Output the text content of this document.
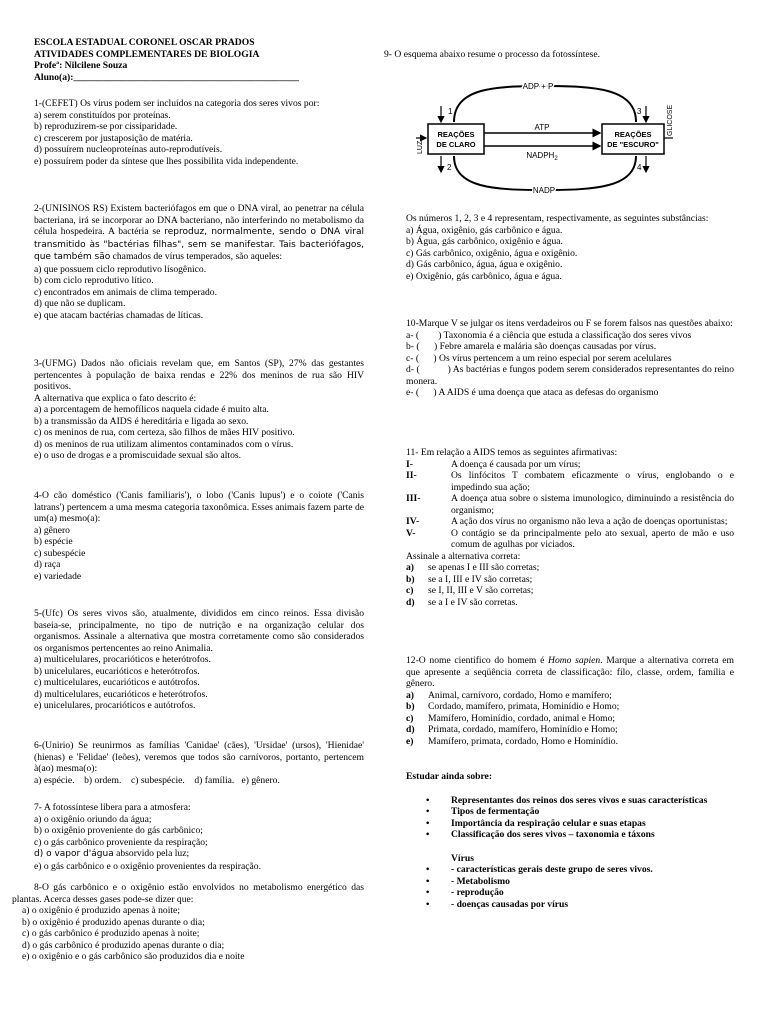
ESCOLA ESTADUAL CORONEL OSCAR PRADOS

ATIVIDADES COMPLEMENTARES DE BIOLOGIA

Profeª: Nilcilene Souza

Aluno(a):_______________________________________________

1-(CEFET) Os vírus podem ser incluídos na categoria dos seres vivos por:

a) serem constituídos por proteínas.

b) reproduzirem-se por cissiparidade.

c) crescerem por justaposição de matéria.

d) possuírem nucleoproteínas auto-reprodutíveis.

e) possuírem poder da síntese que lhes possibilita vida independente.

2-(UNISINOS RS) Existem bacteriófagos em que o DNA viral, ao penetrar na célula bacteriana, irá se incorporar ao DNA bacteriano, não interferindo no metabolismo da célula hospedeira. A bactéria se reproduz, normalmente, sendo o DNA viral transmitido às "bactérias filhas", sem se manifestar. Tais bacteriófagos, que também são chamados de vírus temperados, são aqueles:

a) que possuem ciclo reprodutivo lisogênico.

b) com ciclo reprodutivo lítico.

c) encontrados em animais de clima temperado.

d) que não se duplicam.

e) que atacam bactérias chamadas de líticas.

3-(UFMG) Dados não oficiais revelam que, em Santos (SP), 27% das gestantes pertencentes à população de baixa rendas e 22% dos meninos de rua são HIV positivos.

A alternativa que explica o fato descrito é:

a) a porcentagem de hemofílicos naquela cidade é muito alta.

b) a transmissão da AIDS é hereditária e ligada ao sexo.

c) os meninos de rua, com certeza, são filhos de mães HIV positivo.

d) os meninos de rua utilizam alimentos contaminados com o vírus.

e) o uso de drogas e a promiscuidade sexual são altos.

4-O cão doméstico ('Canis familiaris'), o lobo ('Canis lupus') e o coiote ('Canis latrans') pertencem a uma mesma categoria taxonômica. Esses animais fazem parte de um(a) mesmo(a):

a) gênero

b) espécie

c) subespécie

d) raça

e) variedade

5-(Ufc) Os seres vivos são, atualmente, divididos em cinco reinos. Essa divisão baseia-se, principalmente, no tipo de nutrição e na organização celular dos organismos. Assinale a alternativa que mostra corretamente como são considerados os organismos pertencentes ao reino Animalia.

a) multicelulares, procarióticos e heterótrofos.

b) unicelulares, eucarióticos e heterótrofos.

c) multicelulares, eucarióticos e autótrofos.

d) multicelulares, eucarióticos e heterótrofos.

e) unicelulares, procarióticos e autótrofos.

6-(Unirio) Se reunirmos as famílias 'Canidae' (cães), 'Ursidae' (ursos), 'Hienidae' (hienas) e 'Felidae' (leões), veremos que todos são carnívoros, portanto, pertencem à(ao) mesma(o):

a) espécie.    b) ordem.    c) subespécie.    d) família.   e) gênero.

7- A fotossíntese libera para a atmosfera:

a) o oxigênio oriundo da água;

b) o oxigênio proveniente do gás carbônico;

c) o gás carbônico proveniente da respiração;

d) o vapor d'água absorvido pela luz;

e) o gás carbônico e o oxigênio provenientes da respiração.

8-O gás carbônico e o oxigênio estão envolvidos no metabolismo energético das plantas. Acerca desses gases pode-se dizer que:

a) o oxigênio é produzido apenas à noite;

b) o oxigênio é produzido apenas durante o dia;

c) o gás carbônico é produzido apenas à noite;

d) o gás carbônico é produzido apenas durante o dia;

e) o oxigênio e o gás carbônico são produzidos dia e noite

9- O esquema abaixo resume o processo da fotossíntese.

ADP + P
NADP
LUZ
GLICOSE
REAÇÕES
DE CLARO
REAÇÕES
DE "ESCURO"
ATP
$NADPH_2$
1
2
3
4

Os números 1, 2, 3 e 4 representam, respectivamente, as seguintes substâncias:

a) Água, oxigênio, gás carbônico e água.

b) Água, gás carbônico, oxigênio e água.

c) Gás carbônico, oxigênio, água e oxigênio.

d) Gás carbônico, água, água e oxigênio.

e) Oxigênio, gás carbônico, água e água.

10-Marque V se julgar os itens verdadeiros ou F se forem falsos nas questões abaixo:

a- (        ) Taxonomia é a ciência que estuda a classificação dos seres vivos

b- (      ) Febre amarela e malária são doenças causadas por vírus.

c- (      ) Os vírus pertencem a um reino especial por serem acelulares

d- (           ) As bactérias e fungos podem serem considerados representantes do reino monera.

e- (      ) A AIDS é uma doença que ataca as defesas do organismo

11- Em relação a AIDS temos as seguintes afirmativas:

I-	A doença é causada por um vírus;
II-	Os linfócitos T combatem eficazmente o vírus, englobando o e impedindo sua ação;
III-	A doença atua sobre o sistema imunologico, diminuindo a resistência do organismo;
IV-	A ação dos vírus no organismo não leva a ação de doenças oportunistas;
V-	O contágio se da principalmente pelo ato sexual, aperto de mão e uso comum de agulhas por viciados.

Assinale a alternativa correta:

a)	se apenas I e III são corretas;
b)	se a I, III e IV são corretas;
c)	se I, II, III e V são corretas;
d)	se a I e IV são corretas.

12-O nome cientifico do homem é Homo sapien. Marque a alternativa correta em que apresente a seqüência correta de classificação: filo, classe, ordem, família e gênero.

a)	Animal, carnívoro, cordado, Homo e mamífero;
b)	Cordado, mamífero, primata, Hominídio e Homo;
c)	Mamífero, Hominídio, cordado, animal e Homo;
d)	Primata, cordado, mamífero, Hominídio e Homo;
e)	Mamífero, primata, cordado, Homo e Hominídio.

Estudar ainda sobre:

• Representantes dos reinos dos seres vivos e suas características
• Tipos de fermentação
• Importância da respiração celular e suas etapas
• Classificação dos seres vivos – taxonomia e táxons

Vírus

• - características gerais deste grupo de seres vivos.
• - Metabolismo
• - reprodução
• - doenças causadas por vírus
